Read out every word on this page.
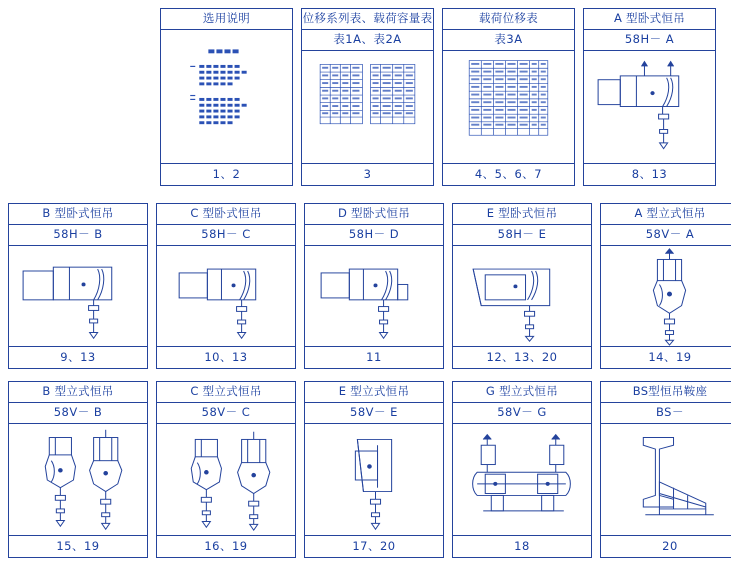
选用说明
1、2
位移系列表、载荷容量表
表1A、表2A
3
载荷位移表
表3A
4、5、6、7
A 型卧式恒吊
58H－ A
8、13
B 型卧式恒吊
58H－ B
9、13
C 型卧式恒吊
58H－ C
10、13
D 型卧式恒吊
58H－ D
11
E 型卧式恒吊
58H－ E
12、13、20
A 型立式恒吊
58V－ A
14、19
B 型立式恒吊
58V－ B
15、19
C 型立式恒吊
58V－ C
16、19
E 型立式恒吊
58V－ E
17、20
G 型立式恒吊
58V－ G
18
BS型恒吊鞍座
BS－
20
